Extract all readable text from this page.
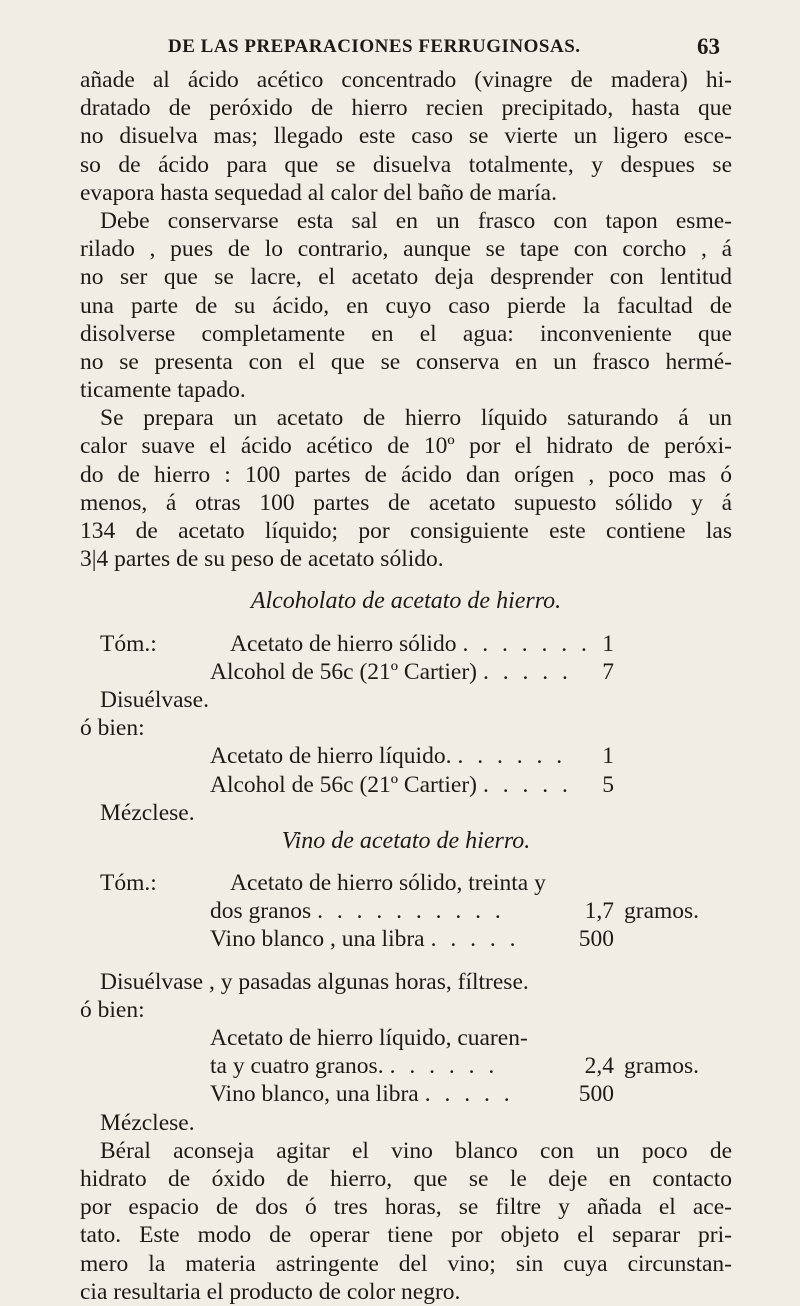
DE LAS PREPARACIONES FERRUGINOSAS.	63
añade al ácido acético concentrado (vinagre de madera) hi-
dratado de peróxido de hierro recien precipitado, hasta que
no disuelva mas; llegado este caso se vierte un ligero esce-
so de ácido para que se disuelva totalmente, y despues se
evapora hasta sequedad al calor del baño de maría.
Debe conservarse esta sal en un frasco con tapon esme-
rilado , pues de lo contrario, aunque se tape con corcho , á
no ser que se lacre, el acetato deja desprender con lentitud
una parte de su ácido, en cuyo caso pierde la facultad de
disolverse completamente en el agua: inconveniente que
no se presenta con el que se conserva en un frasco hermé-
ticamente tapado.
Se prepara un acetato de hierro líquido saturando á un
calor suave el ácido acético de 10º por el hidrato de peróxi-
do de hierro : 100 partes de ácido dan orígen , poco mas ó
menos, á otras 100 partes de acetato supuesto sólido y á
134 de acetato líquido; por consiguiente este contiene las
3|4 partes de su peso de acetato sólido.
Alcoholato de acetato de hierro.
Tóm.:	Acetato de hierro sólido . . . . . . . 1
Alcohol de 56c (21º Cartier) . . . . .	7
Disuélvase.
ó bien:
Acetato de hierro líquido. . . . . . .	1
Alcohol de 56c (21º Cartier) . . . . .	5
Mézclese.
Vino de acetato de hierro.
Tóm.:	Acetato de hierro sólido, treinta y
dos granos . . . . . . . . . .	1,7 gramos.
Vino blanco , una libra . . . . .	500
Disuélvase , y pasadas algunas horas, fíltrese.
ó bien:
Acetato de hierro líquido, cuaren-
ta y cuatro granos. . . . . . .	2,4 gramos.
Vino blanco, una libra . . . . .	500
Mézclese.
Béral aconseja agitar el vino blanco con un poco de
hidrato de óxido de hierro, que se le deje en contacto
por espacio de dos ó tres horas, se filtre y añada el ace-
tato. Este modo de operar tiene por objeto el separar pri-
mero la materia astringente del vino; sin cuya circunstan-
cia resultaria el producto de color negro.
